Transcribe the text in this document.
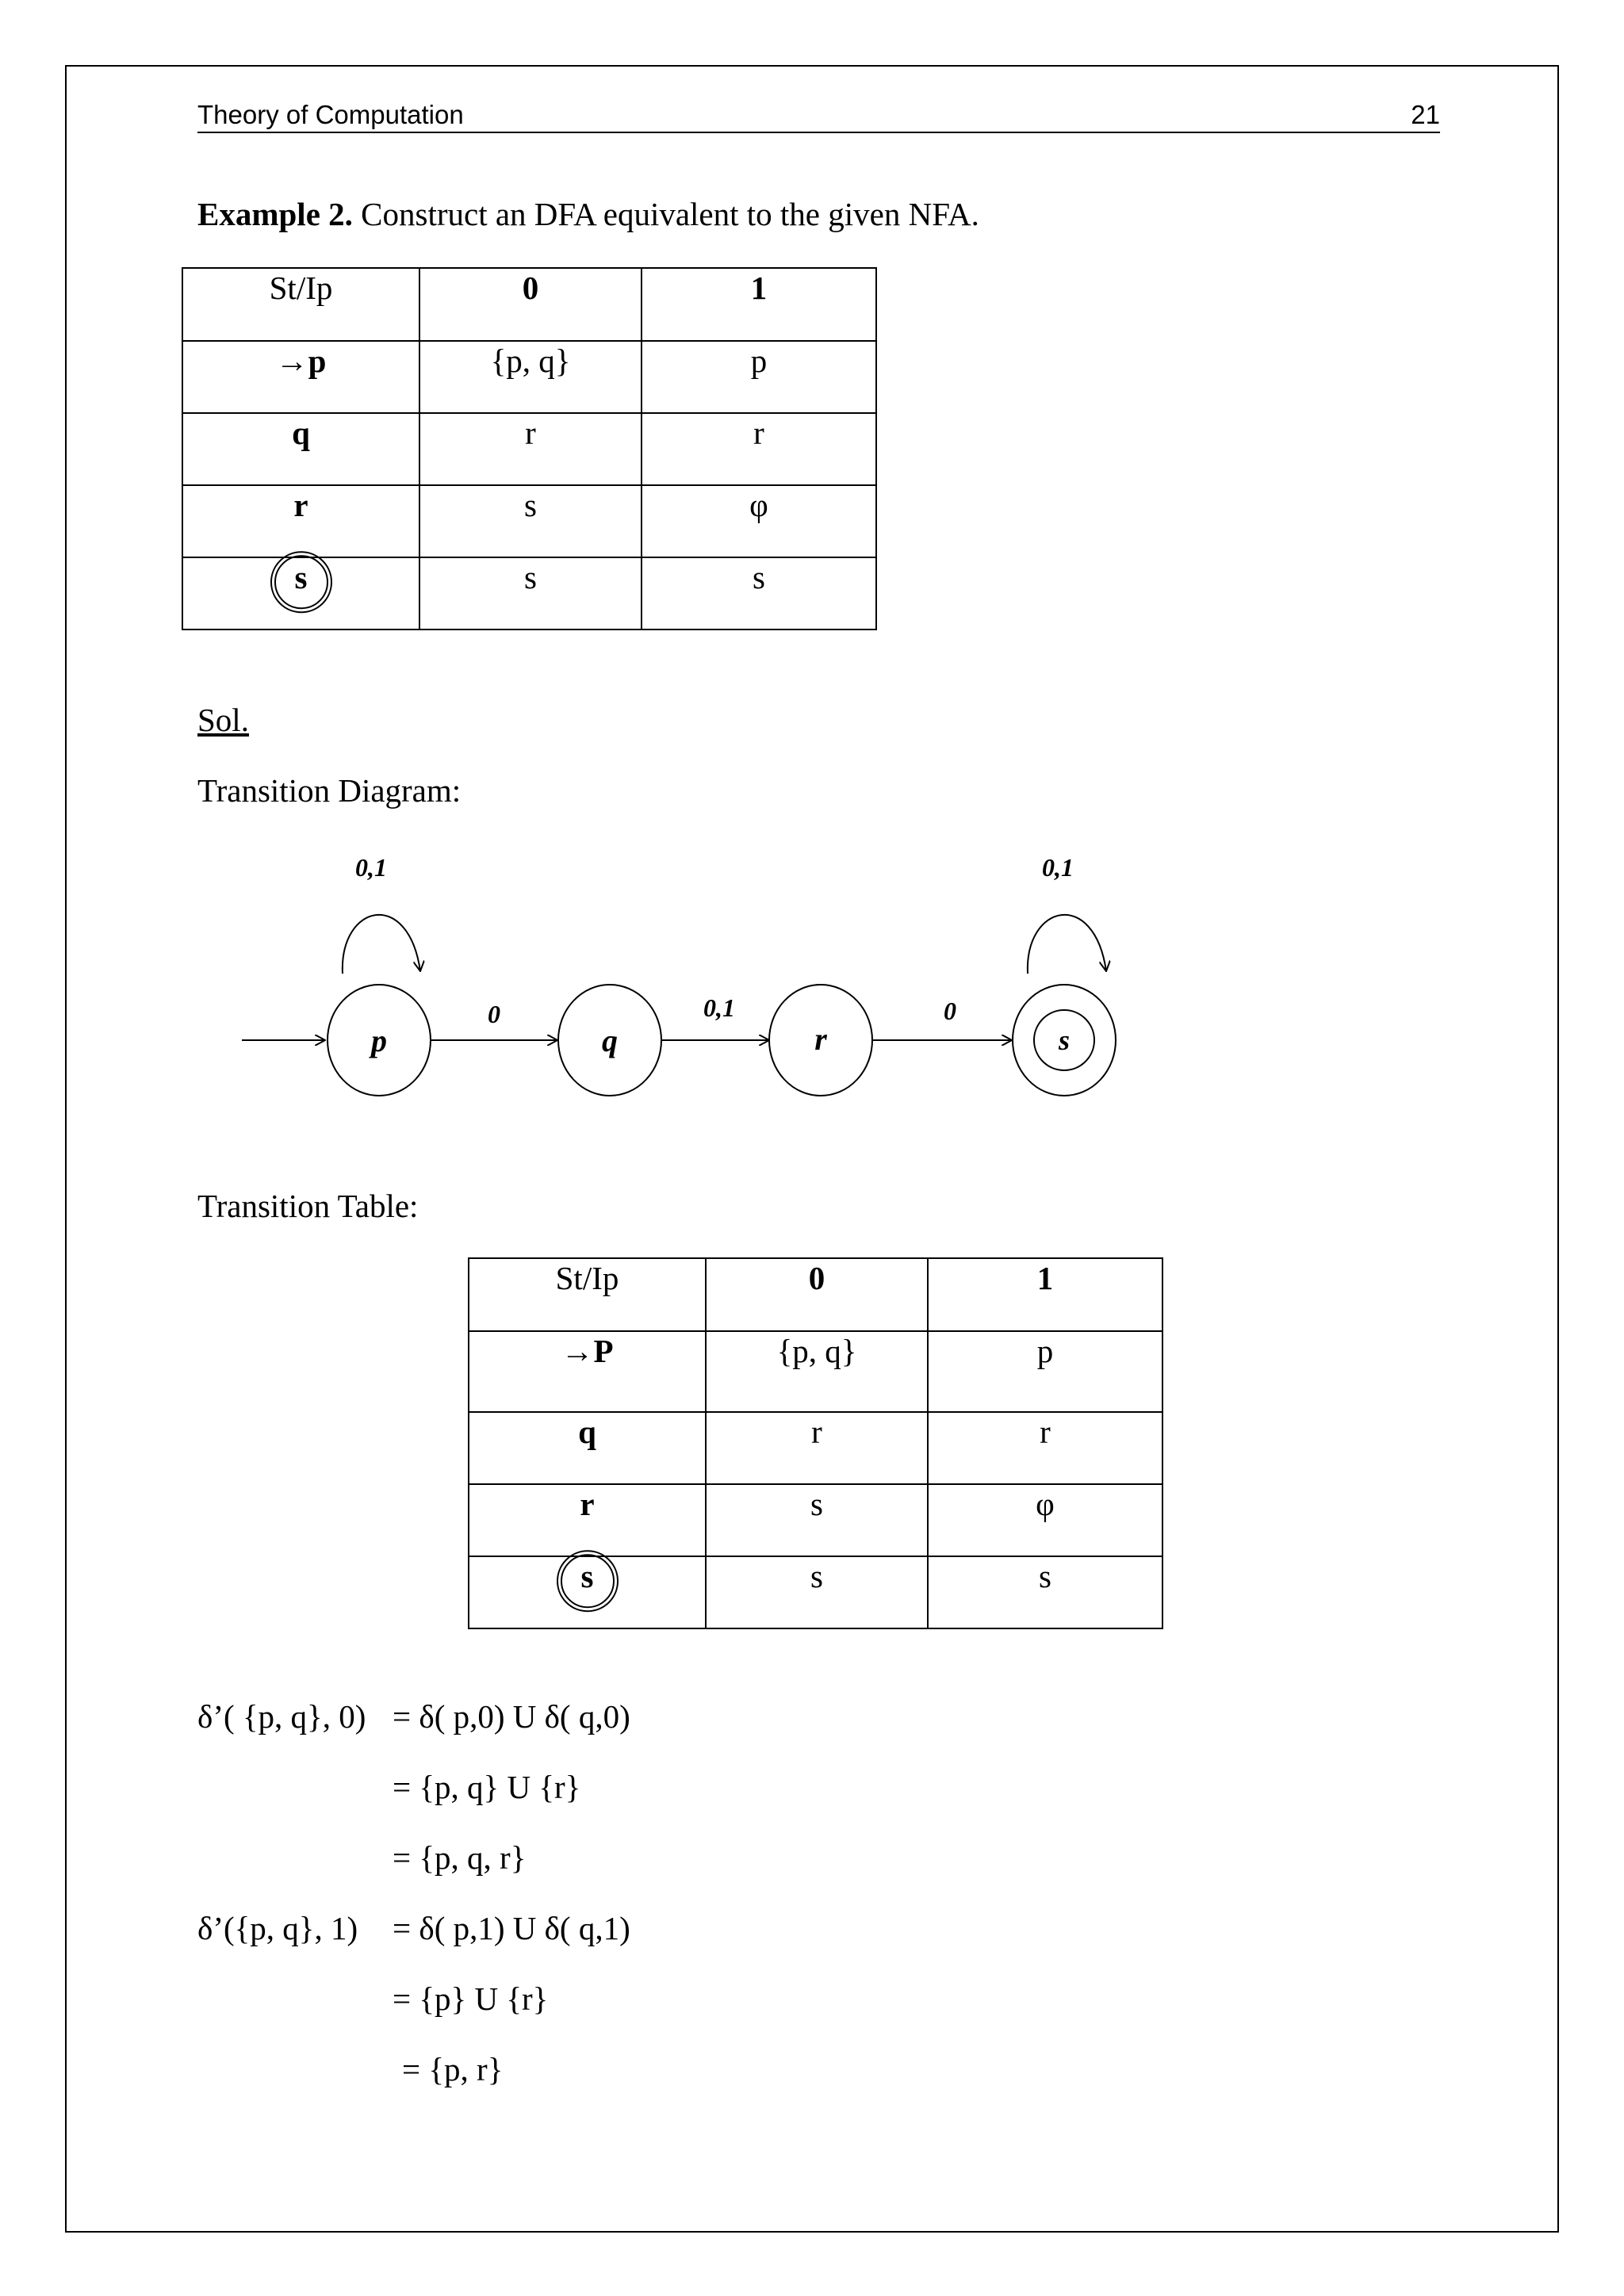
Theory of Computation	21
Example 2. Construct an DFA equivalent to the given NFA.
St/Ip	0	1
→p	{p, q}	p
q	r	r
r	s	φ

s	s	s
Sol.
Transition Diagram:
p	q	r	s
0	0,1	0
0,1	0,1
Transition Table:
St/Ip	0	1
→P	{p, q}	p
q	r	r
r	s	φ

s	s	s
δ’( {p, q}, 0) = δ( p,0) U δ( q,0)
= {p, q} U {r}
= {p, q, r}
δ’({p, q}, 1) = δ( p,1) U δ( q,1)
= {p} U {r}
= {p, r}
